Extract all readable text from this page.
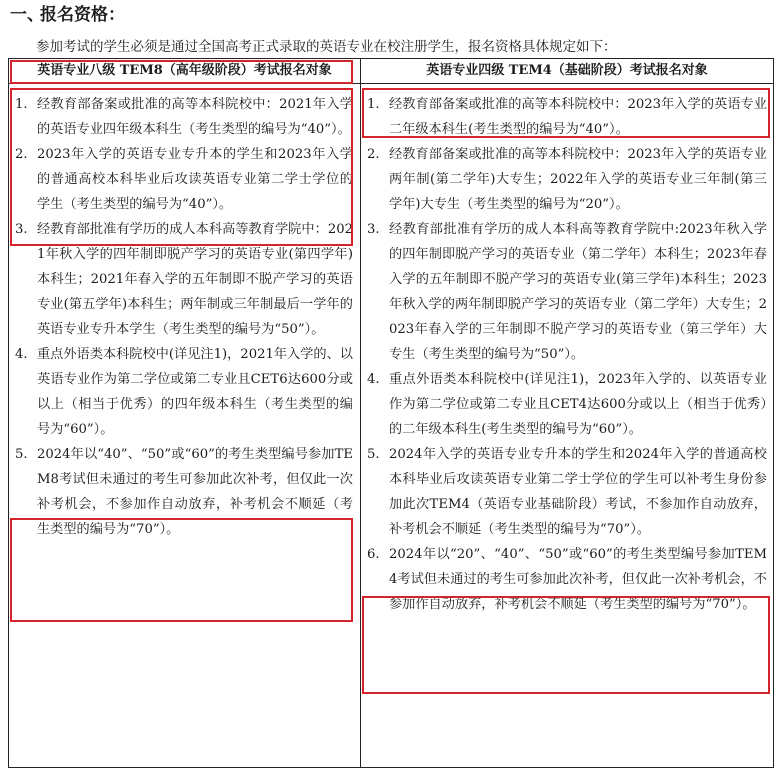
一、报名资格：
参加考试的学生必须是通过全国高考正式录取的英语专业在校注册学生，报名资格具体规定如下：
英语专业八级 TEM8（高年级阶段）考试报名对象	英语专业四级 TEM4（基础阶段）考试报名对象
1. 经教育部备案或批准的高等本科院校中：2021年入学的英语专业四年级本科生（考生类型的编号为“40”）。
2. 2023年入学的英语专业专升本的学生和2023年入学的普通高校本科毕业后攻读英语专业第二学士学位的学生（考生类型的编号为“40”）。
3. 经教育部批准有学历的成人本科高等教育学院中：2021年秋入学的四年制即脱产学习的英语专业(第四学年)本科生；2021年春入学的五年制即不脱产学习的英语专业(第五学年)本科生；两年制或三年制最后一学年的英语专业专升本学生（考生类型的编号为“50”）。
4. 重点外语类本科院校中(详见注1)，2021年入学的、以英语专业作为第二学位或第二专业且CET6达600分或以上（相当于优秀）的四年级本科生（考生类型的编号为“60”）。
5. 2024年以“40”、“50”或“60”的考生类型编号参加TEM8考试但未通过的考生可参加此次补考，但仅此一次补考机会，不参加作自动放弃，补考机会不顺延（考生类型的编号为“70”）。
1. 经教育部备案或批准的高等本科院校中：2023年入学的英语专业二年级本科生(考生类型的编号为“40”）。
2. 经教育部备案或批准的高等本科院校中：2023年入学的英语专业两年制(第二学年)大专生；2022年入学的英语专业三年制(第三学年)大专生（考生类型的编号为“20”）。
3. 经教育部批准有学历的成人本科高等教育学院中:2023年秋入学的四年制即脱产学习的英语专业（第二学年）本科生；2023年春入学的五年制即不脱产学习的英语专业(第三学年)本科生；2023年秋入学的两年制即脱产学习的英语专业（第二学年）大专生；2023年春入学的三年制即不脱产学习的英语专业（第三学年）大专生（考生类型的编号为“50”）。
4. 重点外语类本科院校中(详见注1)，2023年入学的、以英语专业作为第二学位或第二专业且CET4达600分或以上（相当于优秀）的二年级本科生(考生类型的编号为“60”）。
5. 2024年入学的英语专业专升本的学生和2024年入学的普通高校本科毕业后攻读英语专业第二学士学位的学生可以补考生身份参加此次TEM4（英语专业基础阶段）考试，不参加作自动放弃，补考机会不顺延（考生类型的编号为“70”）。
6. 2024年以“20”、“40”、“50”或“60”的考生类型编号参加TEM4考试但未通过的考生可参加此次补考，但仅此一次补考机会，不参加作自动放弃，补考机会不顺延（考生类型的编号为“70”）。
